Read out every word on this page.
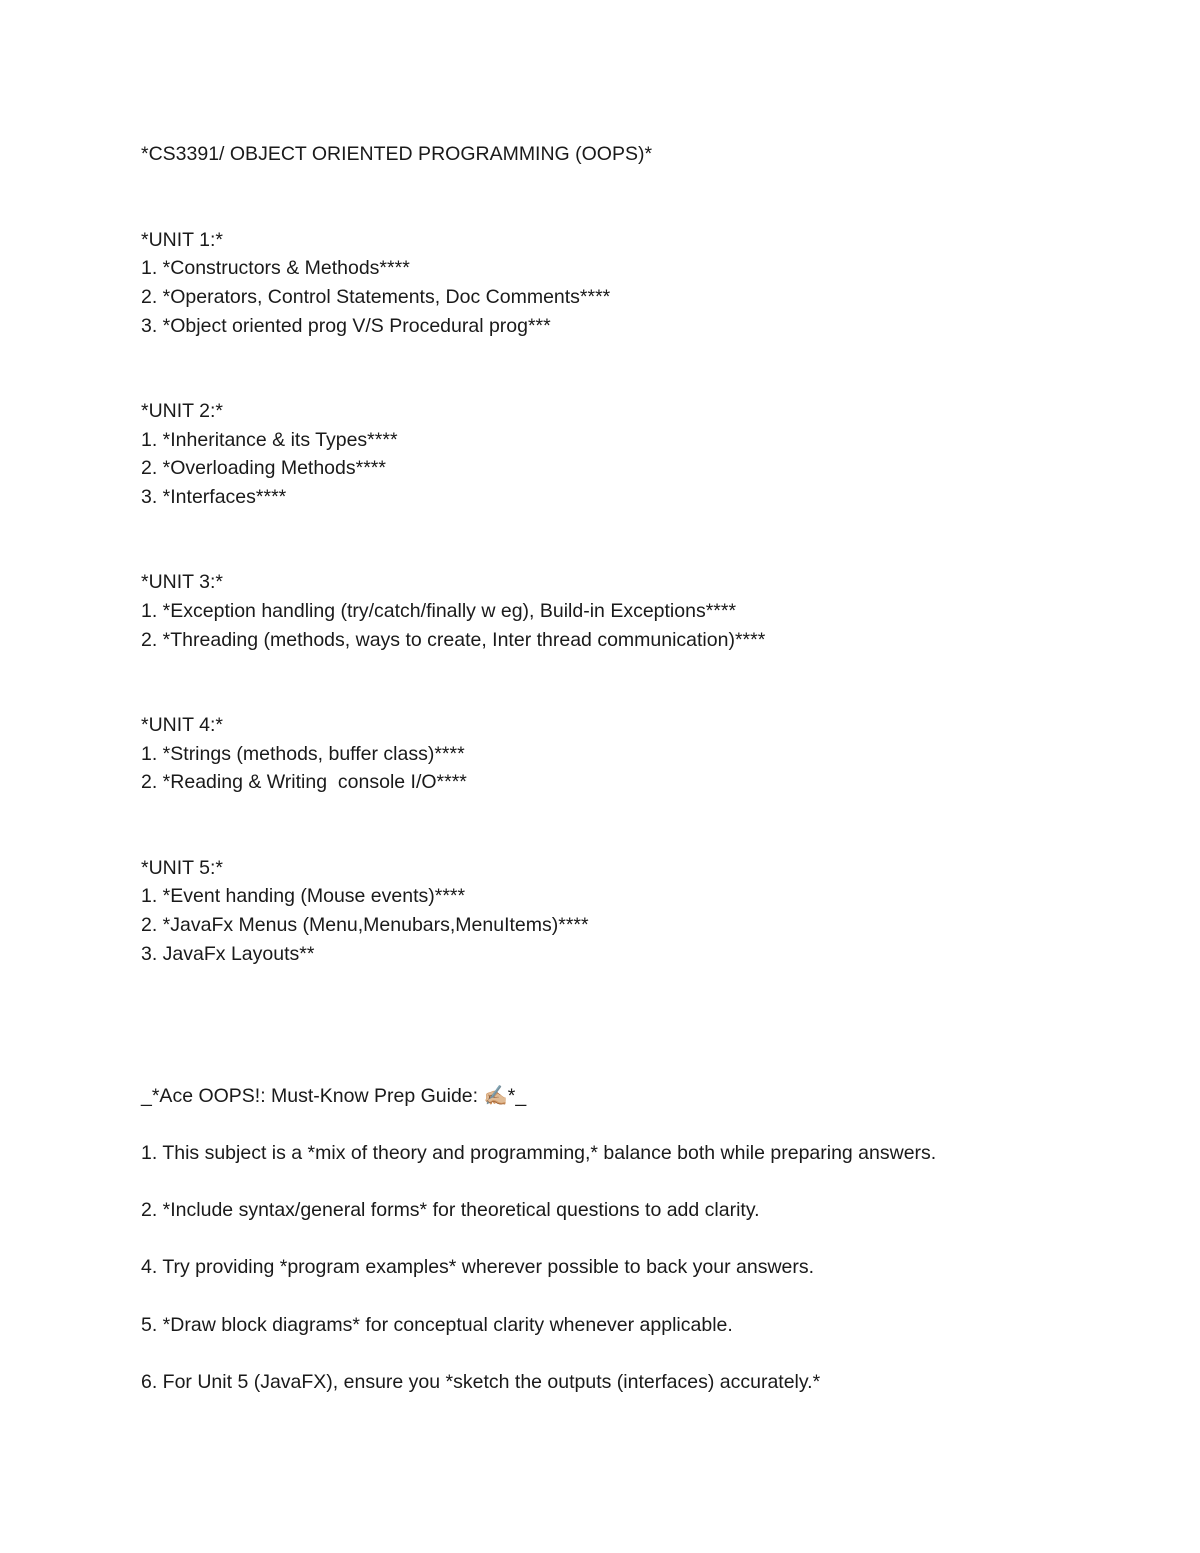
*CS3391/ OBJECT ORIENTED PROGRAMMING (OOPS)*
*UNIT 1:*
1. *Constructors & Methods****
2. *Operators, Control Statements, Doc Comments****
3. *Object oriented prog V/S Procedural prog***
*UNIT 2:*
1. *Inheritance & its Types****
2. *Overloading Methods****
3. *Interfaces****
*UNIT 3:*
1. *Exception handling (try/catch/finally w eg), Build-in Exceptions****
2. *Threading (methods, ways to create, Inter thread communication)****
*UNIT 4:*
1. *Strings (methods, buffer class)****
2. *Reading & Writing  console I/O****
*UNIT 5:*
1. *Event handing (Mouse events)****
2. *JavaFx Menus (Menu,Menubars,MenuItems)****
3. JavaFx Layouts**
_*Ace OOPS!: Must-Know Prep Guide: ✍🏼*_
1. This subject is a *mix of theory and programming,* balance both while preparing answers.
2. *Include syntax/general forms* for theoretical questions to add clarity.
4. Try providing *program examples* wherever possible to back your answers.
5. *Draw block diagrams* for conceptual clarity whenever applicable.
6. For Unit 5 (JavaFX), ensure you *sketch the outputs (interfaces) accurately.*
